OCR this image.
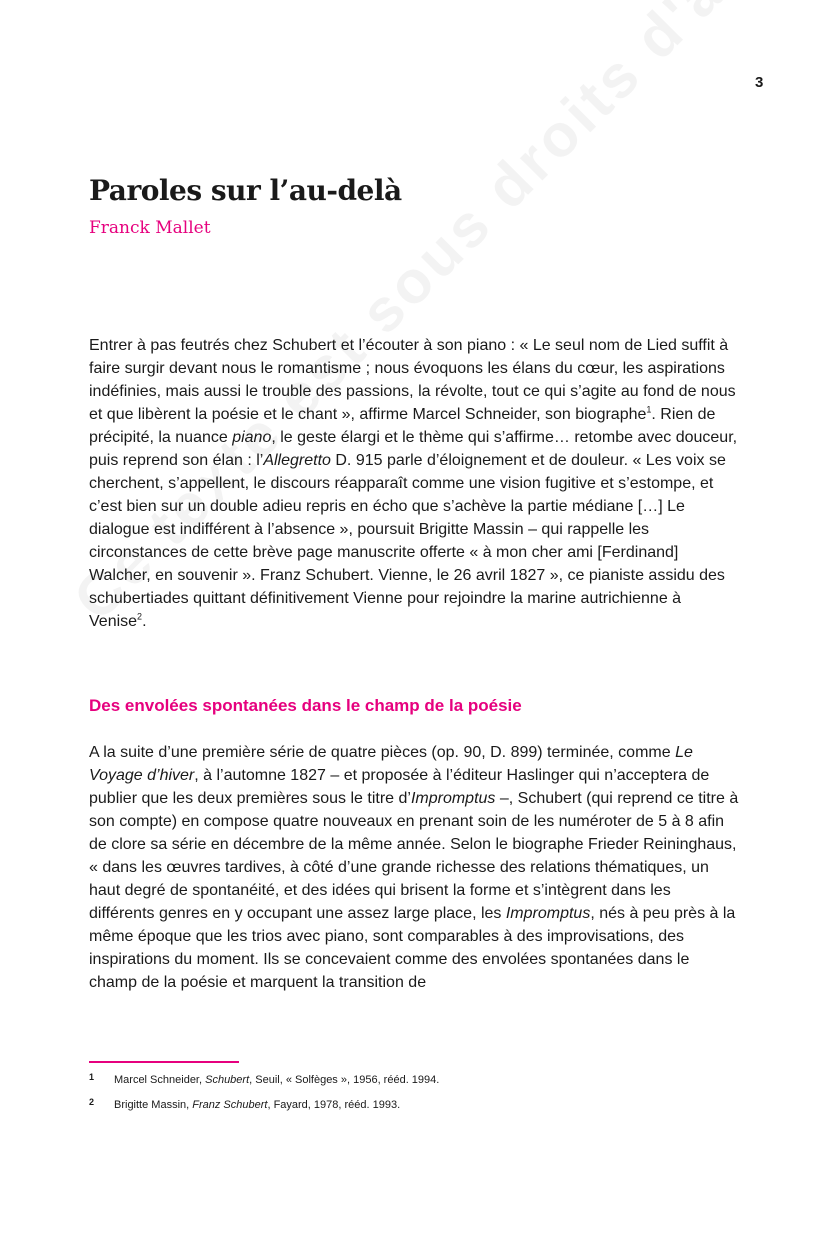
3
Paroles sur l’au-delà

Franck Mallet

Entrer à pas feutrés chez Schubert et l’écouter à son piano : « Le seul nom de Lied suffit à faire surgir devant nous le romantisme ; nous évoquons les élans du cœur, les aspirations indéfinies, mais aussi le trouble des passions, la révolte, tout ce qui s’agite au fond de nous et que libèrent la poésie et le chant », affirme Marcel Schneider, son biographe$^1$. Rien de précipité, la nuance piano, le geste élargi et le thème qui s’affirme… retombe avec douceur, puis reprend son élan : l’Allegretto D. 915 parle d’éloignement et de douleur. « Les voix se cherchent, s’appellent, le discours réapparaît comme une vision fugitive et s’estompe, et c’est bien sur un double adieu repris en écho que s’achève la partie médiane […] Le dialogue est indifférent à l’absence », poursuit Brigitte Massin – qui rappelle les circonstances de cette brève page manuscrite offerte « à mon cher ami [Ferdinand] Walcher, en souvenir ». Franz Schubert. Vienne, le 26 avril 1827 », ce pianiste assidu des schubertiades quittant définitivement Vienne pour rejoindre la marine autrichienne à Venise$^2$.

Des envolées spontanées dans le champ de la poésie

A la suite d’une première série de quatre pièces (op. 90, D. 899) terminée, comme Le Voyage d’hiver, à l’automne 1827 – et proposée à l’éditeur Haslinger qui n’acceptera de publier que les deux premières sous le titre d’Impromptus –, Schubert (qui reprend ce titre à son compte) en compose quatre nouveaux en prenant soin de les numéroter de 5 à 8 afin de clore sa série en décembre de la même année. Selon le biographe Frieder Reininghaus, « dans les œuvres tardives, à côté d’une grande richesse des relations thématiques, un haut degré de spontanéité, et des idées qui brisent la forme et s’intègrent dans les différents genres en y occupant une assez large place, les Impromptus, nés à peu près à la même époque que les trios avec piano, sont comparables à des improvisations, des inspirations du moment. Ils se concevaient comme des envolées spontanées dans le champ de la poésie et marquent la transition de

1 Marcel Schneider, Schubert, Seuil, « Solfèges », 1956, rééd. 1994.
2 Brigitte Massin, Franz Schubert, Fayard, 1978, rééd. 1993.
